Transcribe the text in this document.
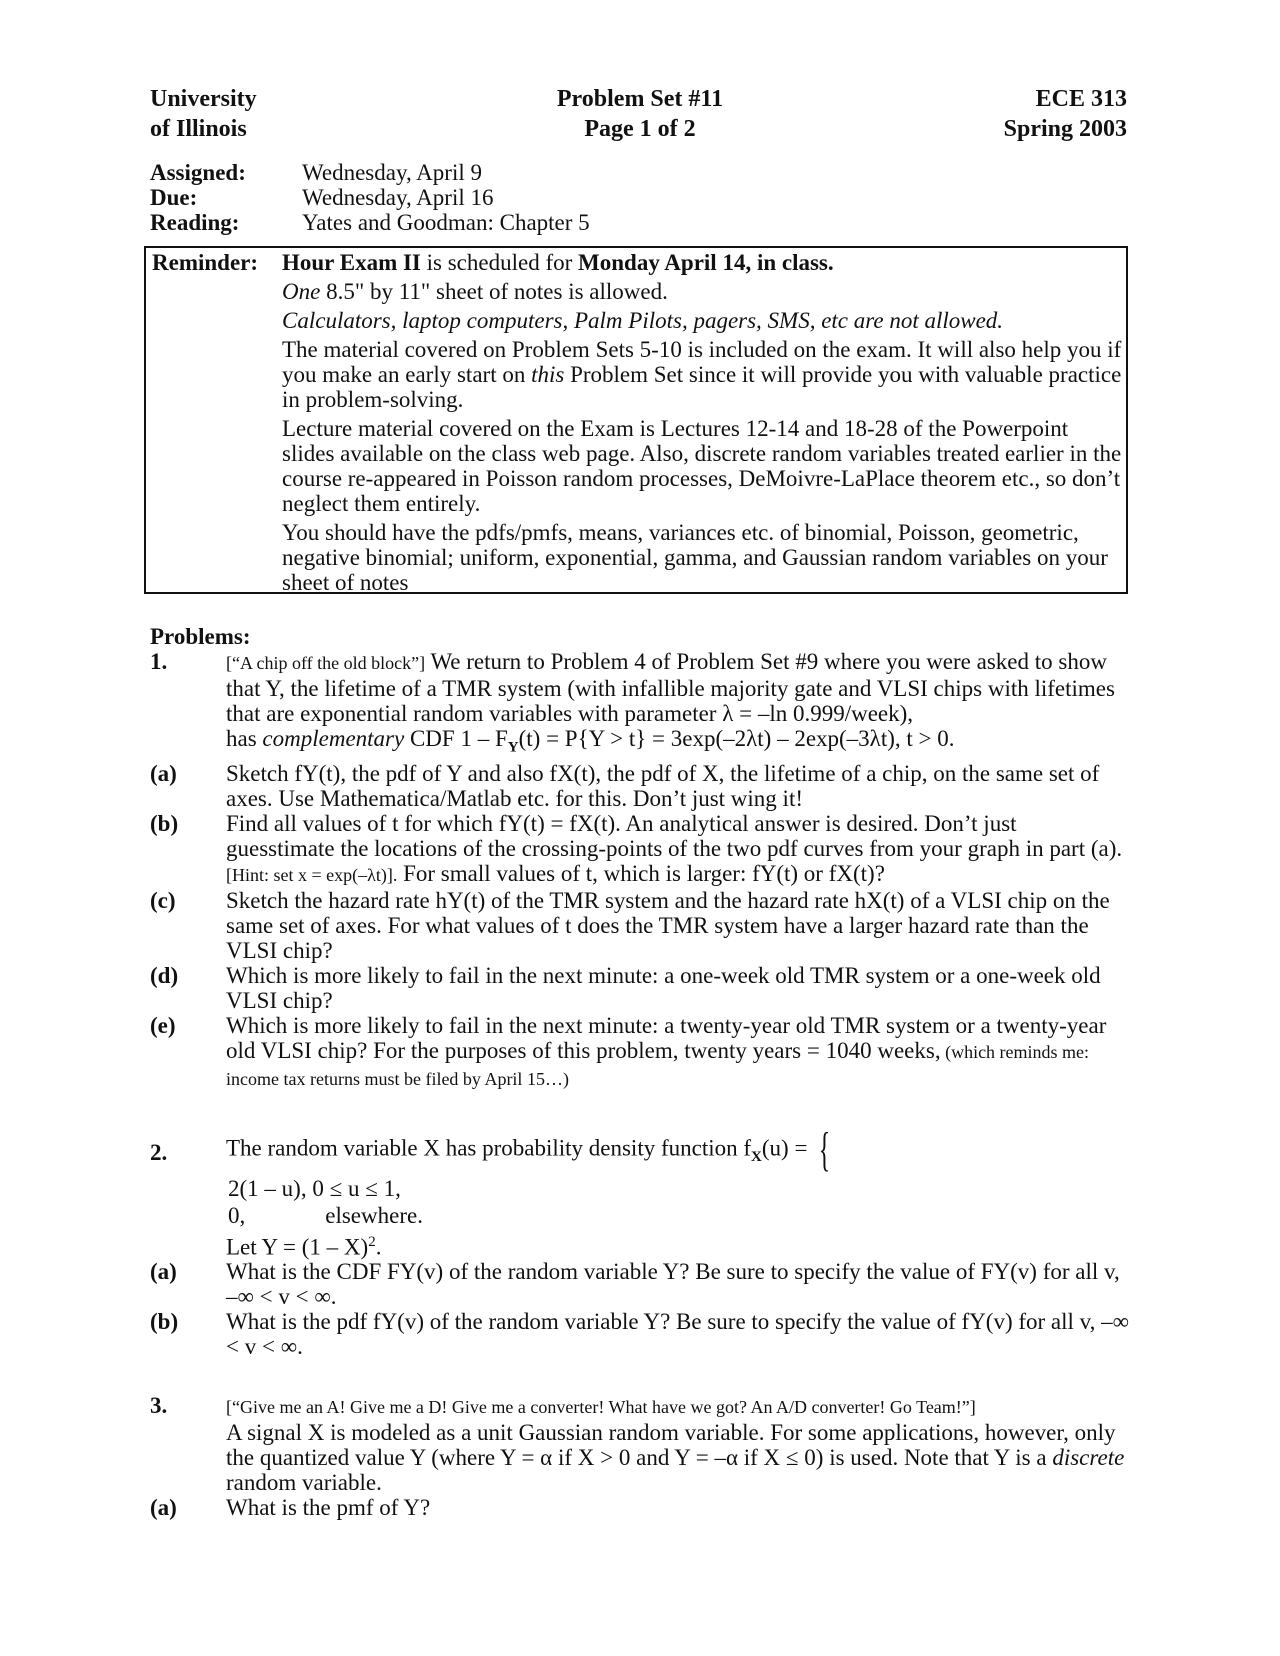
University
of Illinois
Problem Set #11
Page 1 of 2
ECE 313
Spring 2003
Assigned: Wednesday, April 9
Due:	Wednesday, April 16
Reading:	Yates and Goodman: Chapter 5
Reminder: Hour Exam II is scheduled for Monday April 14, in class.

One 8.5" by 11" sheet of notes is allowed.

Calculators, laptop computers, Palm Pilots, pagers, SMS, etc are not allowed.

The material covered on Problem Sets 5-10 is included on the exam. It will also help you if you make an early start on this Problem Set since it will provide you with valuable practice in problem-solving.

Lecture material covered on the Exam is Lectures 12-14 and 18-28 of the Powerpoint slides available on the class web page. Also, discrete random variables treated earlier in the course re-appeared in Poisson random processes, DeMoivre-LaPlace theorem etc., so don’t neglect them entirely.

You should have the pdfs/pmfs, means, variances etc. of binomial, Poisson, geometric, negative binomial; uniform, exponential, gamma, and Gaussian random variables on your sheet of notes

Problems:
1.	[“A chip off the old block”] We return to Problem 4 of Problem Set #9 where you were asked to show that Y, the lifetime of a TMR system (with infallible majority gate and VLSI chips with lifetimes that are exponential random variables with parameter λ = –ln 0.999/week),

has complementary CDF $1 - F_Y(t) = P\{Y > t\} = 3\exp(-2\lambda t) - 2\exp(-3\lambda t)$, t > 0.

(a) Sketch fY(t), the pdf of Y and also fX(t), the pdf of X, the lifetime of a chip, on the same set of axes. Use Mathematica/Matlab etc. for this. Don’t just wing it!

(b) Find all values of t for which fY(t) = fX(t). An analytical answer is desired. Don’t just guesstimate the locations of the crossing-points of the two pdf curves from your graph in part (a). [Hint: set x = exp(–λt)]. For small values of t, which is larger: fY(t) or fX(t)?

(c) Sketch the hazard rate hY(t) of the TMR system and the hazard rate hX(t) of a VLSI chip on the same set of axes. For what values of t does the TMR system have a larger hazard rate than the VLSI chip?

(d) Which is more likely to fail in the next minute: a one-week old TMR system or a one-week old VLSI chip?

(e) Which is more likely to fail in the next minute: a twenty-year old TMR system or a twenty-year old VLSI chip? For the purposes of this problem, twenty years = 1040 weeks, (which reminds me: income tax returns must be filed by April 15…)

2.	The random variable X has probability density function $f_X(u)$ = {

2(1 – u), 0 ≤ u ≤ 1,
0,	elsewhere.

Let Y = (1 – X)$^2$.

(a) What is the CDF FY(v) of the random variable Y? Be sure to specify the value of FY(v) for all v, –∞ < v < ∞.

(b) What is the pdf fY(v) of the random variable Y? Be sure to specify the value of fY(v) for all v, –∞ < v < ∞.

3.	[“Give me an A! Give me a D! Give me a converter! What have we got? An A/D converter! Go Team!”]

A signal X is modeled as a unit Gaussian random variable. For some applications, however, only the quantized value Y (where Y = α if X > 0 and Y = –α if X ≤ 0) is used. Note that Y is a discrete random variable.

(a) What is the pmf of Y?
